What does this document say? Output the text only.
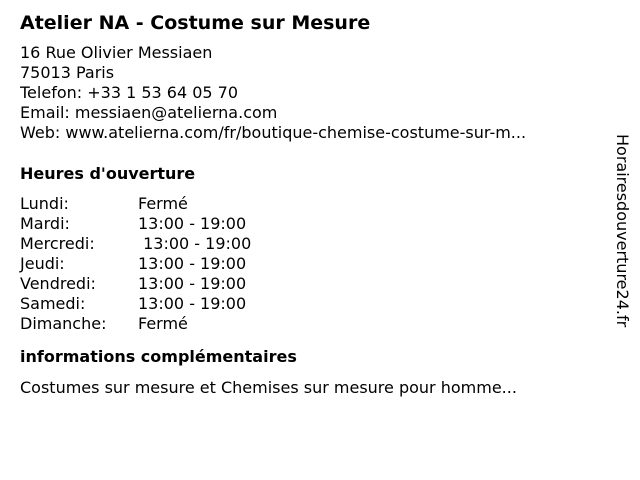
Atelier NA - Costume sur Mesure
16 Rue Olivier Messiaen
75013 Paris
Telefon: +33 1 53 64 05 70
Email: messiaen@atelierna.com
Web: www.atelierna.com/fr/boutique-chemise-costume-sur-m...
Heures d'ouverture
Lundi:	Fermé
Mardi:	13:00 - 19:00
Mercredi:	13:00 - 19:00
Jeudi:	13:00 - 19:00
Vendredi:	13:00 - 19:00
Samedi:	13:00 - 19:00
Dimanche:	Fermé
informations complémentaires
Costumes sur mesure et Chemises sur mesure pour homme...
Horairesdouverture24.fr
